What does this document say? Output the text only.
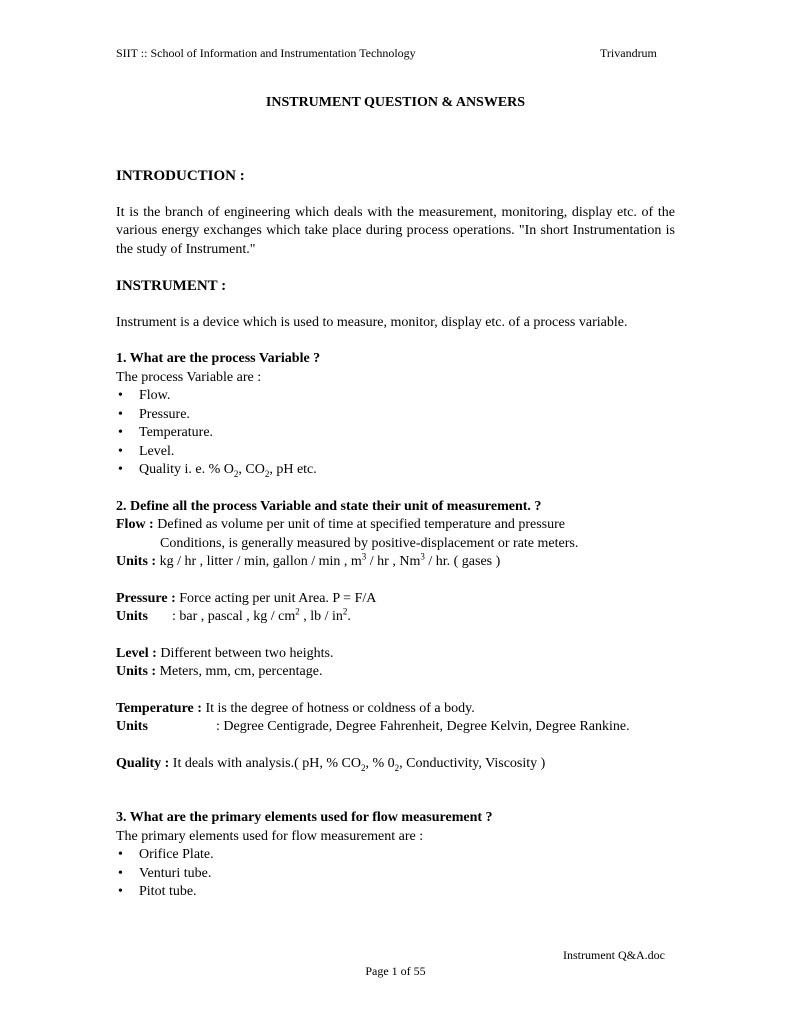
SIIT :: School of Information and Instrumentation Technology	Trivandrum
INSTRUMENT QUESTION & ANSWERS

INTRODUCTION :

It is the branch of engineering which deals with the measurement, monitoring, display etc. of the various energy exchanges which take place during process operations. "In short Instrumentation is the study of Instrument."

INSTRUMENT :

Instrument is a device which is used to measure, monitor, display etc. of a process variable.

1. What are the process Variable ?

The process Variable are :

• Flow.
• Pressure.
• Temperature.
• Level.
• Quality i. e. % $O_2$, $CO_2$, pH etc.

2. Define all the process Variable and state their unit of measurement. ?

Flow : Defined as volume per unit of time at specified temperature and pressure

Conditions, is generally measured by positive-displacement or rate meters.

Units : kg / hr , litter / min, gallon / min , $m^3$ / hr , Nm$^3$ / hr. ( gases )

Pressure : Force acting per unit Area. P = F/A

Units : bar , pascal , kg / $cm^2$ , lb / $in^2$.

Level : Different between two heights.

Units : Meters, mm, cm, percentage.

Temperature : It is the degree of hotness or coldness of a body.

Units	: Degree Centigrade, Degree Fahrenheit, Degree Kelvin, Degree Rankine.

Quality : It deals with analysis.( pH, % $CO_2$, % $0_2$, Conductivity, Viscosity )

3. What are the primary elements used for flow measurement ?

The primary elements used for flow measurement are :

• Orifice Plate.
• Venturi tube.
• Pitot tube.
Instrument Q&A.doc
Page 1 of 55
